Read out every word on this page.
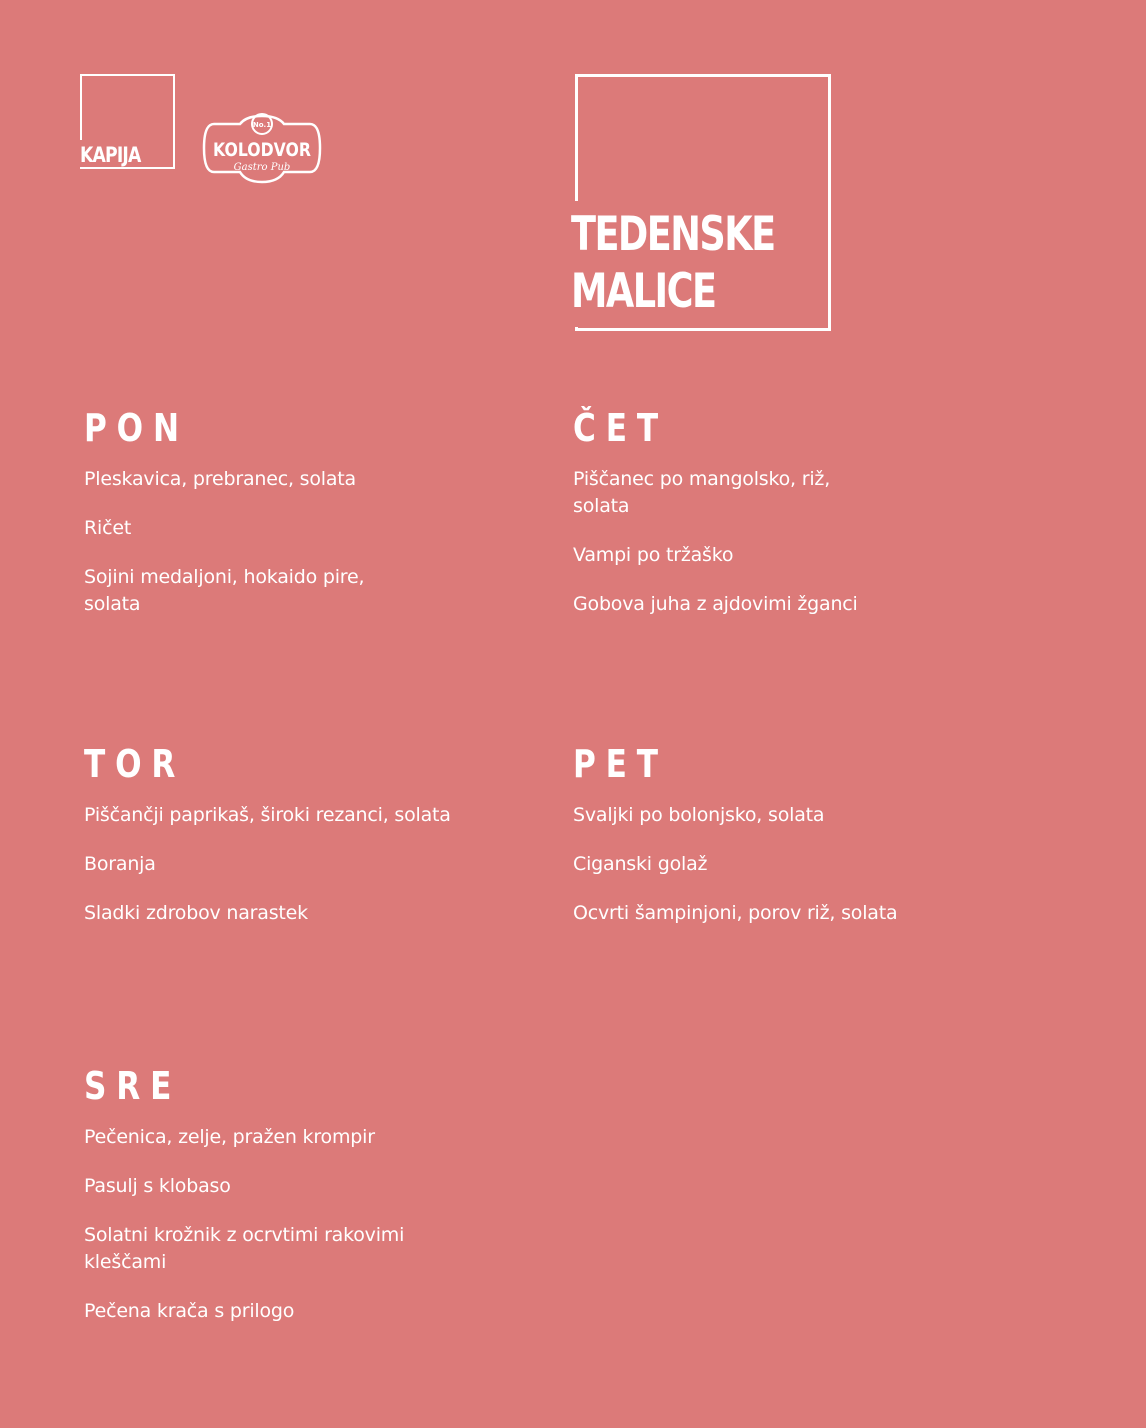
KAPIJA
No.1
KOLODVOR
Gastro Pub
TEDENSKE
MALICE
PON
Pleskavica, prebranec, solata
Ričet
Sojini medaljoni, hokaido pire, solata
TOR
Piščančji paprikaš, široki rezanci, solata
Boranja
Sladki zdrobov narastek
SRE
Pečenica, zelje, pražen krompir
Pasulj s klobaso
Solatni krožnik z ocrvtimi rakovimi kleščami
Pečena krača s prilogo
ČET
Piščanec po mangolsko, riž, solata
Vampi po tržaško
Gobova juha z ajdovimi žganci
PET
Svaljki po bolonjsko, solata
Ciganski golaž
Ocvrti šampinjoni, porov riž, solata
